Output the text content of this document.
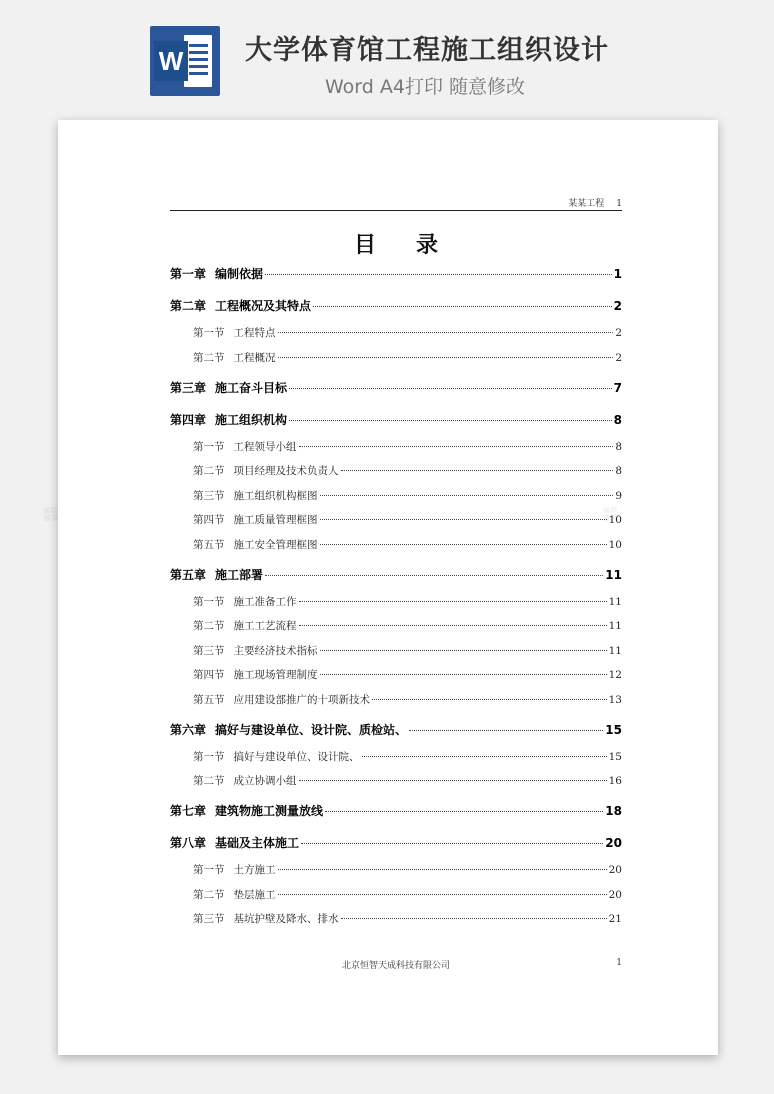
W 大学体育馆工程施工组织设计
Word A4打印 随意修改
某某工程 1
目录
第一章 编制依据	1
第二章 工程概况及其特点	2
第一节 工程特点	2
第二节 工程概况	2
第三章 施工奋斗目标	7
第四章 施工组织机构	8
第一节 工程领导小组	8
第二节 项目经理及技术负责人	8
第三节 施工组织机构框图	9
第四节 施工质量管理框图	10
第五节 施工安全管理框图	10
第五章 施工部署	11
第一节 施工准备工作	11
第二节 施工工艺流程	11
第三节 主要经济技术指标	11
第四节 施工现场管理制度	12
第五节 应用建设部推广的十项新技术	13
第六章 搞好与建设单位、设计院、质检站、	15
第一节 搞好与建设单位、设计院、	15
第二节 成立协调小组	16
第七章 建筑物施工测量放线	18
第八章 基础及主体施工	20
第一节 土方施工	20
第二节 垫层施工	20
第三节 基坑护壁及降水、排水	21
北京恒智天成科技有限公司	1
